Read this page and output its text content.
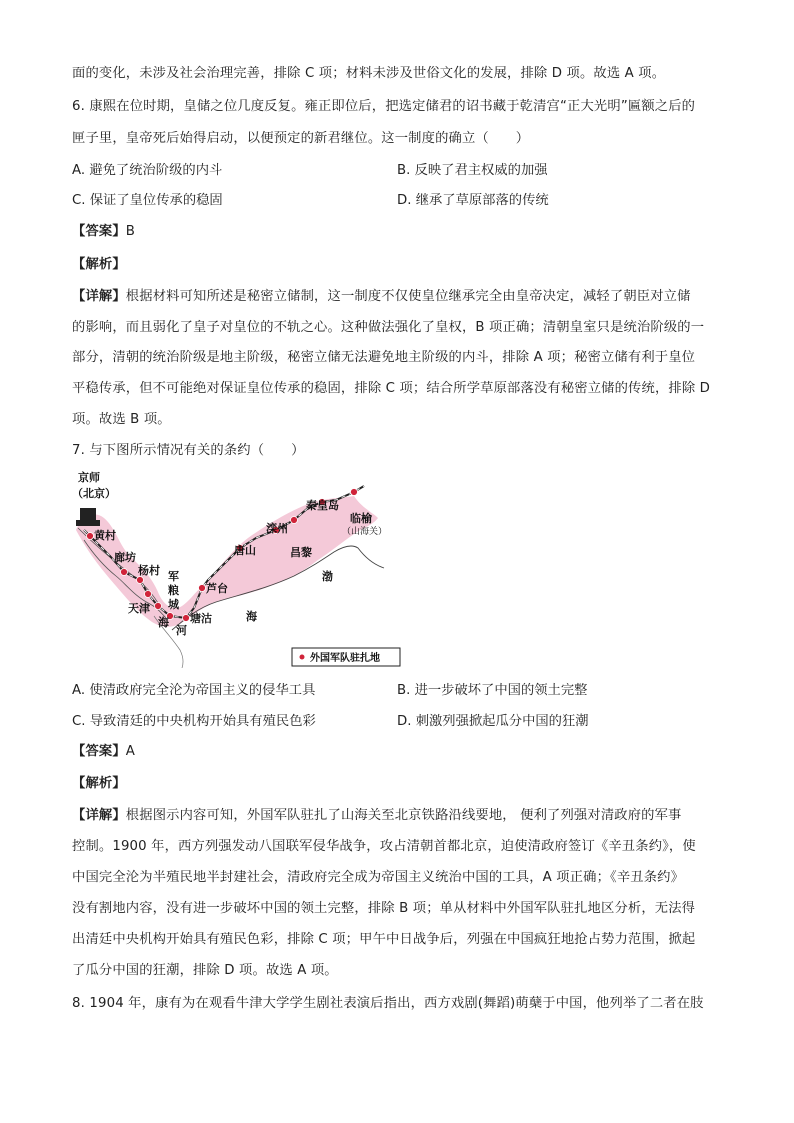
面的变化，未涉及社会治理完善，排除 C 项；材料未涉及世俗文化的发展，排除 D 项。故选 A 项。
6. 康熙在位时期，皇储之位几度反复。雍正即位后，把选定储君的诏书藏于乾清宫“正大光明”匾额之后的
匣子里，皇帝死后始得启动，以便预定的新君继位。这一制度的确立（　　）
A. 避免了统治阶级的内斗	B. 反映了君主权威的加强
C. 保证了皇位传承的稳固	D. 继承了草原部落的传统
【答案】B
【解析】
【详解】根据材料可知所述是秘密立储制，这一制度不仅使皇位继承完全由皇帝决定，减轻了朝臣对立储
的影响，而且弱化了皇子对皇位的不轨之心。这种做法强化了皇权，B 项正确；清朝皇室只是统治阶级的一
部分，清朝的统治阶级是地主阶级，秘密立储无法避免地主阶级的内斗，排除 A 项；秘密立储有利于皇位
平稳传承，但不可能绝对保证皇位传承的稳固，排除 C 项；结合所学草原部落没有秘密立储的传统，排除 D
项。故选 B 项。
7. 与下图所示情况有关的条约（　　）
京师
（北京）
黄村
廊坊
杨村
天津
塘沽
芦台
唐山
滦州
昌黎
秦皇岛
临榆
军
粮
城
海
河
渤
海
（山海关）
外国军队驻扎地
A. 使清政府完全沦为帝国主义的侵华工具	B. 进一步破坏了中国的领土完整
C. 导致清廷的中央机构开始具有殖民色彩	D. 刺激列强掀起瓜分中国的狂潮
【答案】A
【解析】
【详解】根据图示内容可知，外国军队驻扎了山海关至北京铁路沿线要地， 便利了列强对清政府的军事
控制。1900 年，西方列强发动八国联军侵华战争，攻占清朝首都北京，迫使清政府签订《辛丑条约》，使
中国完全沦为半殖民地半封建社会，清政府完全成为帝国主义统治中国的工具，A 项正确；《辛丑条约》
没有割地内容，没有进一步破坏中国的领土完整，排除 B 项；单从材料中外国军队驻扎地区分析，无法得
出清廷中央机构开始具有殖民色彩，排除 C 项；甲午中日战争后，列强在中国疯狂地抢占势力范围，掀起
了瓜分中国的狂潮，排除 D 项。故选 A 项。
8. 1904 年，康有为在观看牛津大学学生剧社表演后指出，西方戏剧(舞蹈)萌蘖于中国，他列举了二者在肢
